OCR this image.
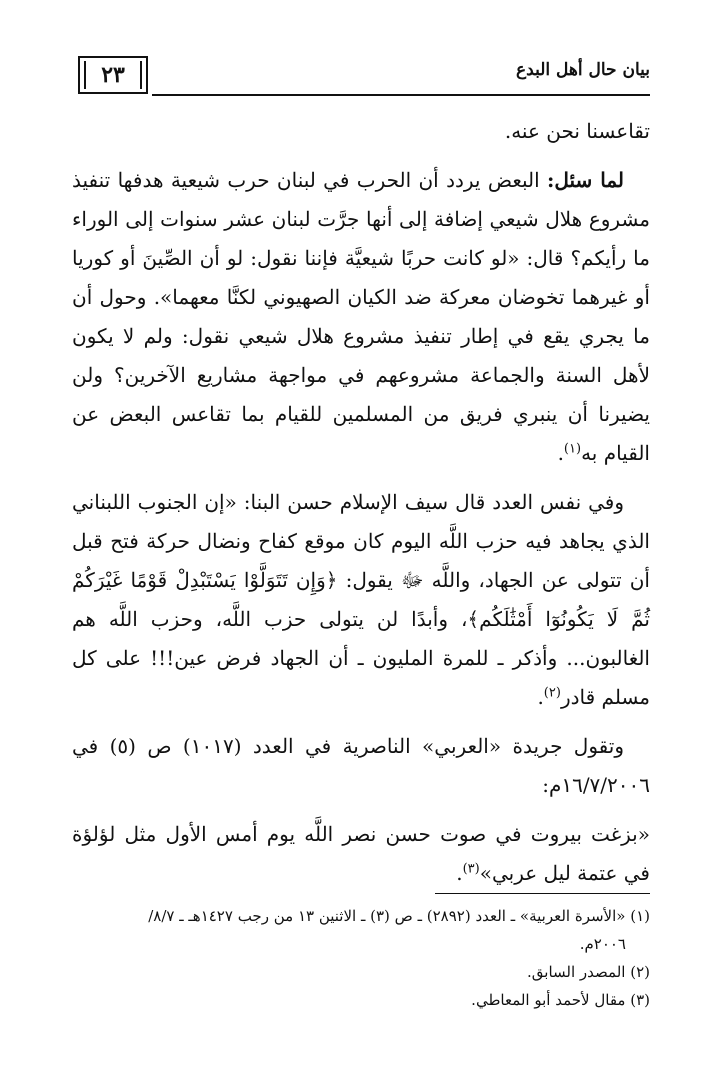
٢٣	بيان حال أهل البدع

تقاعسنا نحن عنه.

لما سئل: البعض يردد أن الحرب في لبنان حرب شيعية هدفها تنفيذ مشروع هلال شيعي إضافة إلى أنها جرَّت لبنان عشر سنوات إلى الوراء ما رأيكم؟ قال: «لو كانت حربًا شيعيَّة فإننا نقول: لو أن الصِّينَ أو كوريا أو غيرهما تخوضان معركة ضد الكيان الصهيوني لكنَّا معهما». وحول أن ما يجري يقع في إطار تنفيذ مشروع هلال شيعي نقول: ولم لا يكون لأهل السنة والجماعة مشروعهم في مواجهة مشاريع الآخرين؟ ولن يضيرنا أن ينبري فريق من المسلمين للقيام بما تقاعس البعض عن القيام به$^{(١)}$.

وفي نفس العدد قال سيف الإسلام حسن البنا: «إن الجنوب اللبناني الذي يجاهد فيه حزب اللَّه اليوم كان موقع كفاح ونضال حركة فتح قبل أن تتولى عن الجهاد، واللَّه ﷻ يقول: ﴿وَإِن تَتَوَلَّوْا يَسْتَبْدِلْ قَوْمًا غَيْرَكُمْ ثُمَّ لَا يَكُونُوٓا أَمْثَٰلَكُم﴾، وأبدًا لن يتولى حزب اللَّه، وحزب اللَّه هم الغالبون... وأذكر ـ للمرة المليون ـ أن الجهاد فرض عين!!! على كل مسلم قادر$^{(٢)}$.

وتقول جريدة «العربي» الناصرية في العدد (١٠١٧) ص (٥) في ١٦/٧/٢٠٠٦م:

«بزغت بيروت في صوت حسن نصر اللَّه يوم أمس الأول مثل لؤلؤة في عتمة ليل عربي»$^{(٣)}$.

(١) «الأسرة العربية» ـ العدد (٢٨٩٢) ـ ص (٣) ـ الاثنين ١٣ من رجب ١٤٢٧هـ ـ ٨/٧/
٢٠٠٦م.
(٢) المصدر السابق.
(٣) مقال لأحمد أبو المعاطي.
